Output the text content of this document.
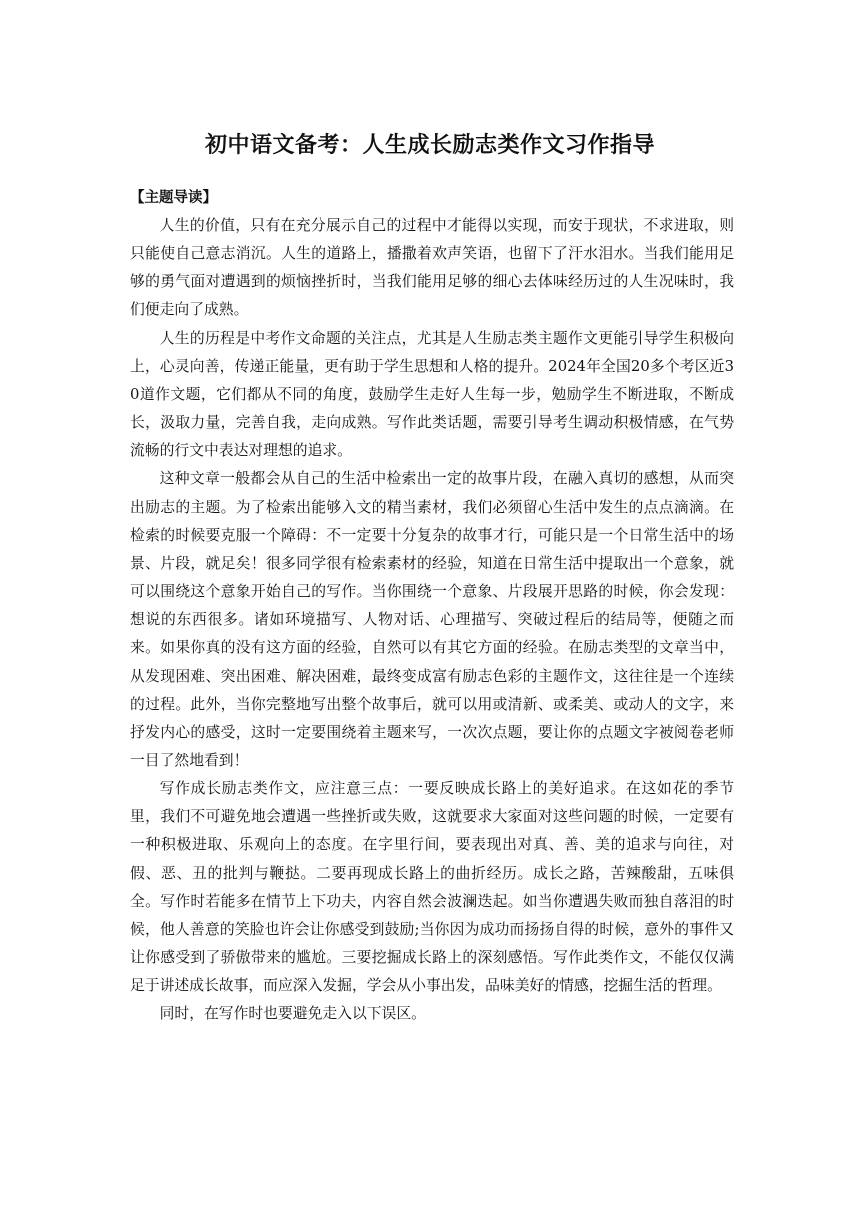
初中语文备考：人生成长励志类作文习作指导
【主题导读】

人生的价值，只有在充分展示自己的过程中才能得以实现，而安于现状，不求进取，则只能使自己意志消沉。人生的道路上，播撒着欢声笑语，也留下了汗水泪水。当我们能用足够的勇气面对遭遇到的烦恼挫折时，当我们能用足够的细心去体味经历过的人生况味时，我们便走向了成熟。

人生的历程是中考作文命题的关注点，尤其是人生励志类主题作文更能引导学生积极向上，心灵向善，传递正能量，更有助于学生思想和人格的提升。2024年全国20多个考区近30道作文题，它们都从不同的角度，鼓励学生走好人生每一步，勉励学生不断进取，不断成长，汲取力量，完善自我，走向成熟。写作此类话题，需要引导考生调动积极情感，在气势流畅的行文中表达对理想的追求。

这种文章一般都会从自己的生活中检索出一定的故事片段，在融入真切的感想，从而突出励志的主题。为了检索出能够入文的精当素材，我们必须留心生活中发生的点点滴滴。在检索的时候要克服一个障碍：不一定要十分复杂的故事才行，可能只是一个日常生活中的场景、片段，就足矣！很多同学很有检索素材的经验，知道在日常生活中提取出一个意象，就可以围绕这个意象开始自己的写作。当你围绕一个意象、片段展开思路的时候，你会发现：想说的东西很多。诸如环境描写、人物对话、心理描写、突破过程后的结局等，便随之而来。如果你真的没有这方面的经验，自然可以有其它方面的经验。在励志类型的文章当中，从发现困难、突出困难、解决困难，最终变成富有励志色彩的主题作文，这往往是一个连续的过程。此外，当你完整地写出整个故事后，就可以用或清新、或柔美、或动人的文字，来抒发内心的感受，这时一定要围绕着主题来写，一次次点题，要让你的点题文字被阅卷老师一目了然地看到！

写作成长励志类作文，应注意三点：一要反映成长路上的美好追求。在这如花的季节里，我们不可避免地会遭遇一些挫折或失败，这就要求大家面对这些问题的时候，一定要有一种积极进取、乐观向上的态度。在字里行间，要表现出对真、善、美的追求与向往，对假、恶、丑的批判与鞭挞。二要再现成长路上的曲折经历。成长之路，苦辣酸甜，五味俱全。写作时若能多在情节上下功夫，内容自然会波澜迭起。如当你遭遇失败而独自落泪的时候，他人善意的笑脸也许会让你感受到鼓励;当你因为成功而扬扬自得的时候，意外的事件又让你感受到了骄傲带来的尴尬。三要挖掘成长路上的深刻感悟。写作此类作文，不能仅仅满足于讲述成长故事，而应深入发掘，学会从小事出发，品味美好的情感，挖掘生活的哲理。

同时，在写作时也要避免走入以下误区。
